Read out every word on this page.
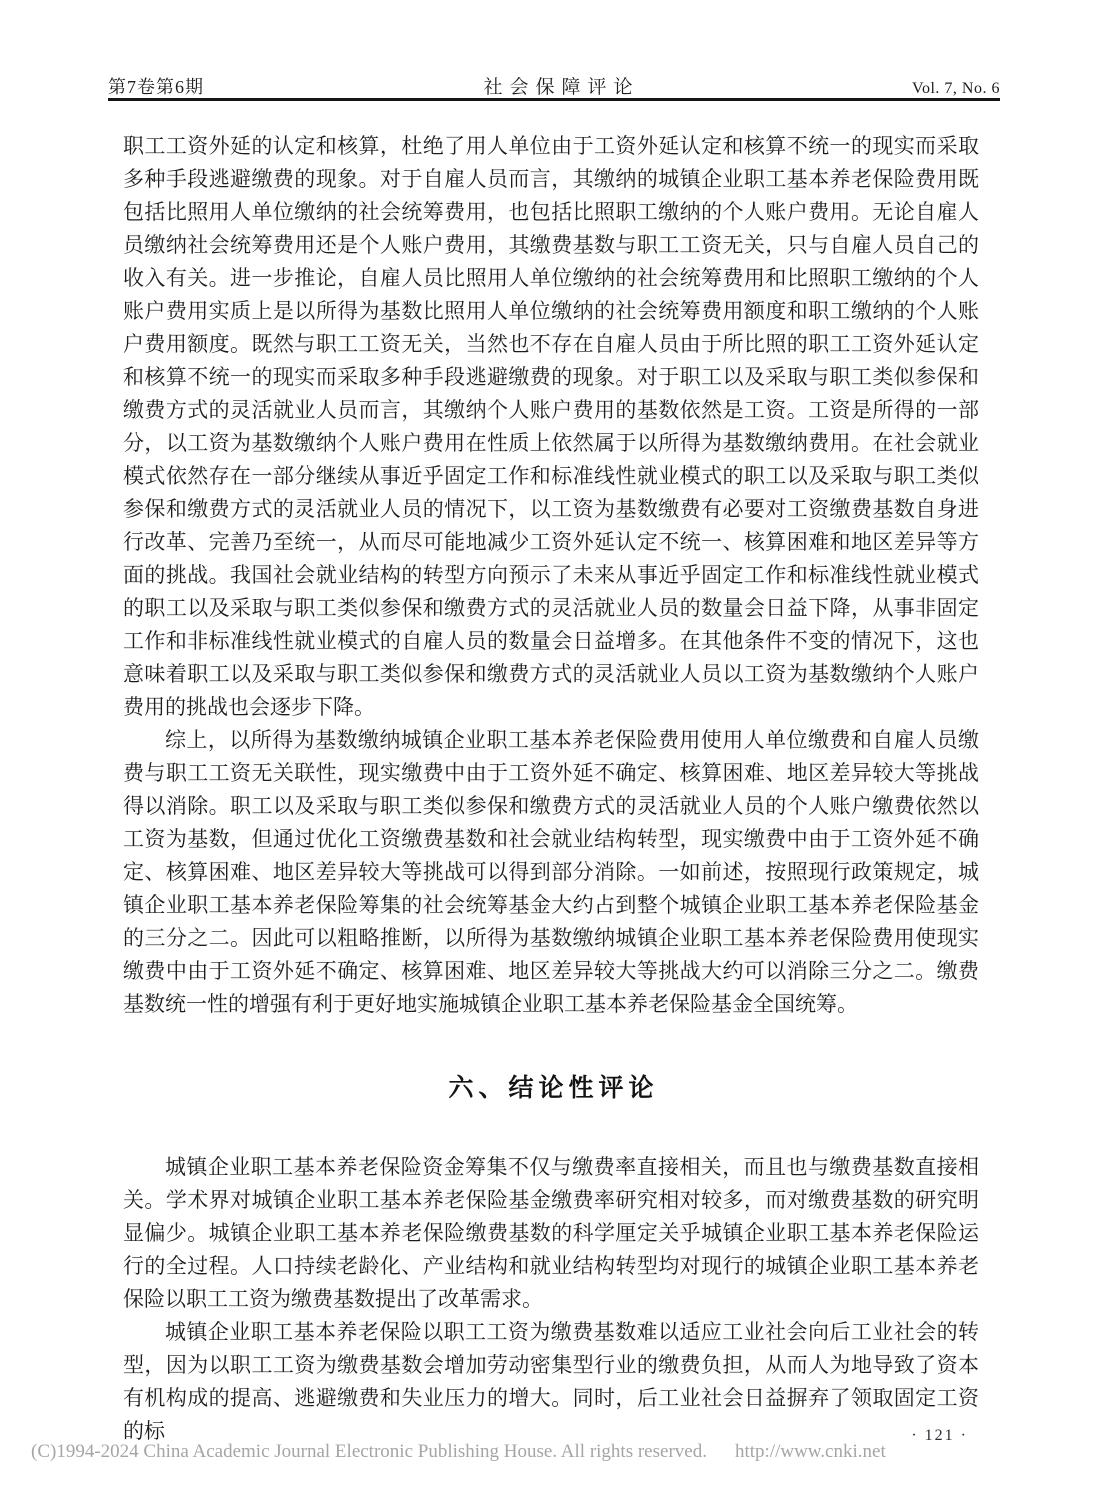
第7卷第6期	社会保障评论	Vol. 7, No. 6

职工工资外延的认定和核算，杜绝了用人单位由于工资外延认定和核算不统一的现实而采取多种手段逃避缴费的现象。对于自雇人员而言，其缴纳的城镇企业职工基本养老保险费用既包括比照用人单位缴纳的社会统筹费用，也包括比照职工缴纳的个人账户费用。无论自雇人员缴纳社会统筹费用还是个人账户费用，其缴费基数与职工工资无关，只与自雇人员自己的收入有关。进一步推论，自雇人员比照用人单位缴纳的社会统筹费用和比照职工缴纳的个人账户费用实质上是以所得为基数比照用人单位缴纳的社会统筹费用额度和职工缴纳的个人账户费用额度。既然与职工工资无关，当然也不存在自雇人员由于所比照的职工工资外延认定和核算不统一的现实而采取多种手段逃避缴费的现象。对于职工以及采取与职工类似参保和缴费方式的灵活就业人员而言，其缴纳个人账户费用的基数依然是工资。工资是所得的一部分，以工资为基数缴纳个人账户费用在性质上依然属于以所得为基数缴纳费用。在社会就业模式依然存在一部分继续从事近乎固定工作和标准线性就业模式的职工以及采取与职工类似参保和缴费方式的灵活就业人员的情况下，以工资为基数缴费有必要对工资缴费基数自身进行改革、完善乃至统一，从而尽可能地减少工资外延认定不统一、核算困难和地区差异等方面的挑战。我国社会就业结构的转型方向预示了未来从事近乎固定工作和标准线性就业模式的职工以及采取与职工类似参保和缴费方式的灵活就业人员的数量会日益下降，从事非固定工作和非标准线性就业模式的自雇人员的数量会日益增多。在其他条件不变的情况下，这也意味着职工以及采取与职工类似参保和缴费方式的灵活就业人员以工资为基数缴纳个人账户费用的挑战也会逐步下降。

综上，以所得为基数缴纳城镇企业职工基本养老保险费用使用人单位缴费和自雇人员缴费与职工工资无关联性，现实缴费中由于工资外延不确定、核算困难、地区差异较大等挑战得以消除。职工以及采取与职工类似参保和缴费方式的灵活就业人员的个人账户缴费依然以工资为基数，但通过优化工资缴费基数和社会就业结构转型，现实缴费中由于工资外延不确定、核算困难、地区差异较大等挑战可以得到部分消除。一如前述，按照现行政策规定，城镇企业职工基本养老保险筹集的社会统筹基金大约占到整个城镇企业职工基本养老保险基金的三分之二。因此可以粗略推断，以所得为基数缴纳城镇企业职工基本养老保险费用使现实缴费中由于工资外延不确定、核算困难、地区差异较大等挑战大约可以消除三分之二。缴费基数统一性的增强有利于更好地实施城镇企业职工基本养老保险基金全国统筹。

六、结论性评论

城镇企业职工基本养老保险资金筹集不仅与缴费率直接相关，而且也与缴费基数直接相关。学术界对城镇企业职工基本养老保险基金缴费率研究相对较多，而对缴费基数的研究明显偏少。城镇企业职工基本养老保险缴费基数的科学厘定关乎城镇企业职工基本养老保险运行的全过程。人口持续老龄化、产业结构和就业结构转型均对现行的城镇企业职工基本养老保险以职工工资为缴费基数提出了改革需求。

城镇企业职工基本养老保险以职工工资为缴费基数难以适应工业社会向后工业社会的转型，因为以职工工资为缴费基数会增加劳动密集型行业的缴费负担，从而人为地导致了资本有机构成的提高、逃避缴费和失业压力的增大。同时，后工业社会日益摒弃了领取固定工资的标	· 121 ·
(C)1994-2024 China Academic Journal Electronic Publishing House. All rights reserved. http://www.cnki.net
